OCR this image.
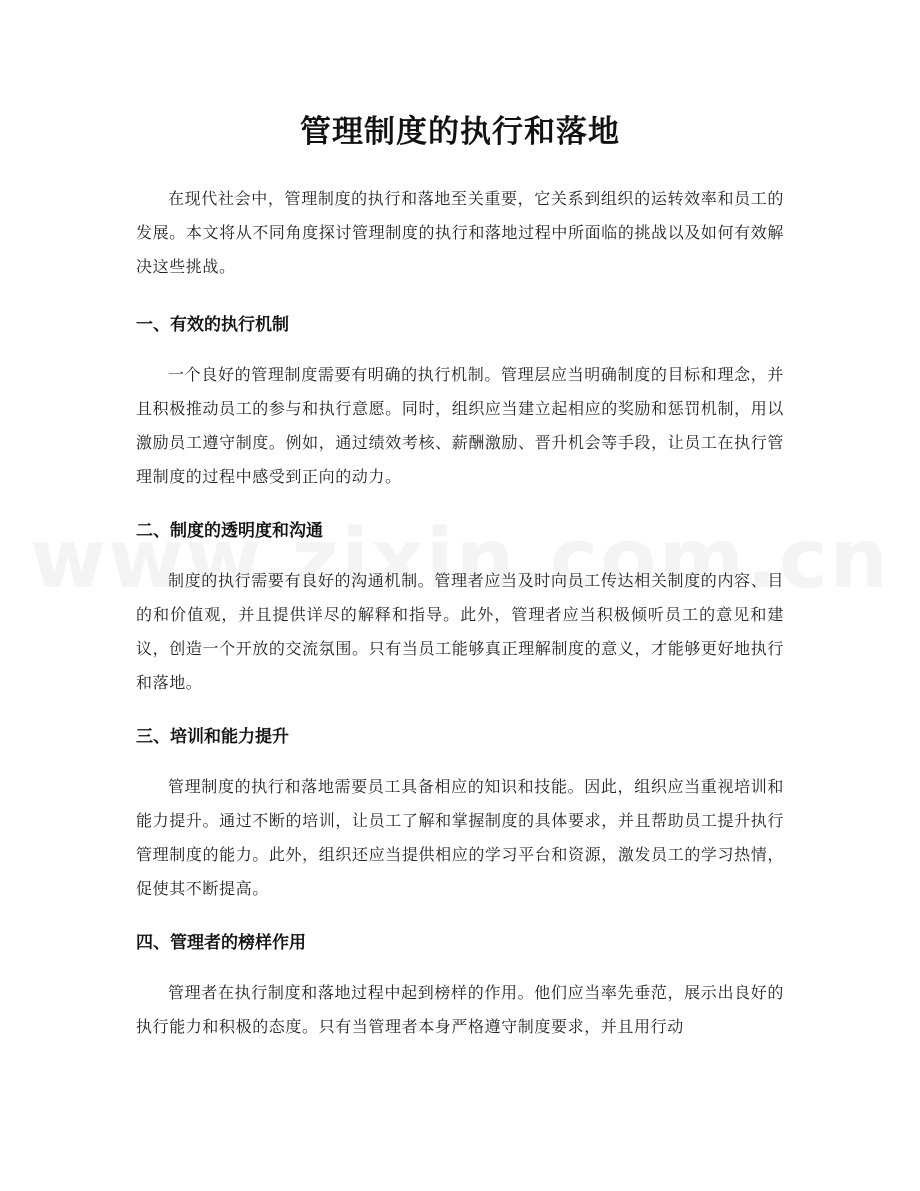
管理制度的执行和落地

在现代社会中，管理制度的执行和落地至关重要，它关系到组织的运转效率和员工的发展。本文将从不同角度探讨管理制度的执行和落地过程中所面临的挑战以及如何有效解决这些挑战。

一、有效的执行机制

一个良好的管理制度需要有明确的执行机制。管理层应当明确制度的目标和理念，并且积极推动员工的参与和执行意愿。同时，组织应当建立起相应的奖励和惩罚机制，用以激励员工遵守制度。例如，通过绩效考核、薪酬激励、晋升机会等手段，让员工在执行管理制度的过程中感受到正向的动力。

二、制度的透明度和沟通

制度的执行需要有良好的沟通机制。管理者应当及时向员工传达相关制度的内容、目的和价值观，并且提供详尽的解释和指导。此外，管理者应当积极倾听员工的意见和建议，创造一个开放的交流氛围。只有当员工能够真正理解制度的意义，才能够更好地执行和落地。

三、培训和能力提升

管理制度的执行和落地需要员工具备相应的知识和技能。因此，组织应当重视培训和能力提升。通过不断的培训，让员工了解和掌握制度的具体要求，并且帮助员工提升执行管理制度的能力。此外，组织还应当提供相应的学习平台和资源，激发员工的学习热情，促使其不断提高。

四、管理者的榜样作用

管理者在执行制度和落地过程中起到榜样的作用。他们应当率先垂范，展示出良好的执行能力和积极的态度。只有当管理者本身严格遵守制度要求，并且用行动
